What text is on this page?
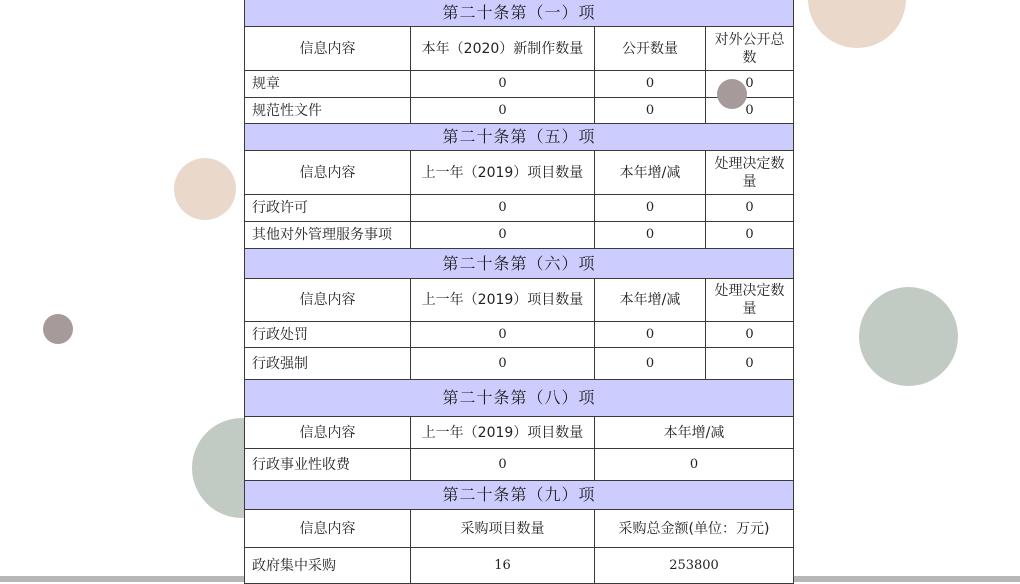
第二十条第（一）项			
信息内容	本年（2020）新制作数量	公开数量	对外公开总数
规章	0	0	0
规范性文件	0	0	0
第二十条第（五）项			
信息内容	上一年（2019）项目数量	本年增/减	处理决定数量
行政许可	0	0	0
其他对外管理服务事项	0	0	0
第二十条第（六）项			
信息内容	上一年（2019）项目数量	本年增/减	处理决定数量
行政处罚	0	0	0
行政强制	0	0	0
第二十条第（八）项			
信息内容	上一年（2019）项目数量	本年增/减	
行政事业性收费	0	0	
第二十条第（九）项			
信息内容	采购项目数量	采购总金额(单位：万元)	
政府集中采购	16	253800	
